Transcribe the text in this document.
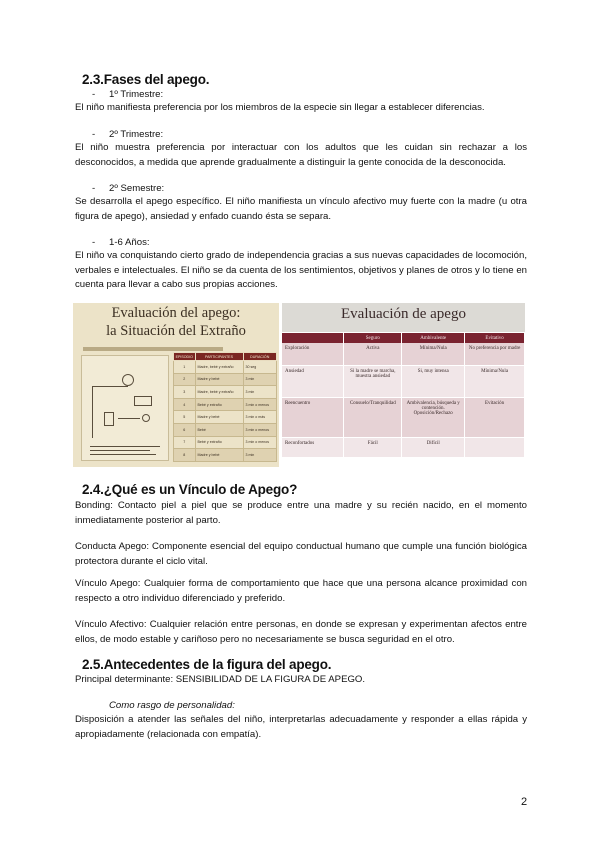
2.3.Fases del apego.
- 1º Trimestre:
El niño manifiesta preferencia por los miembros de la especie sin llegar a establecer diferencias.
- 2º Trimestre:
El niño muestra preferencia por interactuar con los adultos que les cuidan sin rechazar a los desconocidos, a medida que aprende gradualmente a distinguir la gente conocida de la desconocida.
- 2º Semestre:
Se desarrolla el apego específico. El niño manifiesta un vínculo afectivo muy fuerte con la madre (u otra figura de apego), ansiedad y enfado cuando ésta se separa.
- 1-6 Años:
El niño va conquistando cierto grado de independencia gracias a sus nuevas capacidades de locomoción, verbales e intelectuales. El niño se da cuenta de los sentimientos, objetivos y planes de otros y lo tiene en cuenta para llevar a cabo sus propias acciones.
Evaluación del apego:
la Situación del Extraño
EPISODIO	PARTICIPANTES	DURACIÓN
1	Madre, bebé y extraño	30 seg
2	Madre y bebé	3 min
3	Madre, bebé y extraño	3 min
4	Bebé y extraño	3 min o menos
5	Madre y bebé	3 min o más
6	Bebé	3 min o menos
7	Bebé y extraño	3 min o menos
8	Madre y bebé	3 min
Evaluación de apego
	Seguro	Ambivalente	Evitativo
Exploración	Activa	Mínima/Nula	No preferencia por madre
Ansiedad	Si la madre se marcha, muestra ansiedad	Si, muy intensa	Mínima/Nula
Reencuentro	Consuelo/Tranquilidad	Ambivalencia, búsqueda y contención. Oposición/Rechazo	Evitación
Reconfortados	Fácil	Difícil	
2.4.¿Qué es un Vínculo de Apego?
Bonding: Contacto piel a piel que se produce entre una madre y su recién nacido, en el momento inmediatamente posterior al parto.
Conducta Apego: Componente esencial del equipo conductual humano que cumple una función biológica protectora durante el ciclo vital.
Vínculo Apego: Cualquier forma de comportamiento que hace que una persona alcance proximidad con respecto a otro individuo diferenciado y preferido.
Vínculo Afectivo: Cualquier relación entre personas, en donde se expresan y experimentan afectos entre ellos, de modo estable y cariñoso pero no necesariamente se busca seguridad en el otro.
2.5.Antecedentes de la figura del apego.
Principal determinante: SENSIBILIDAD DE LA FIGURA DE APEGO.
Como rasgo de personalidad:
Disposición a atender las señales del niño, interpretarlas adecuadamente y responder a ellas rápida y apropiadamente (relacionada con empatía).
2
